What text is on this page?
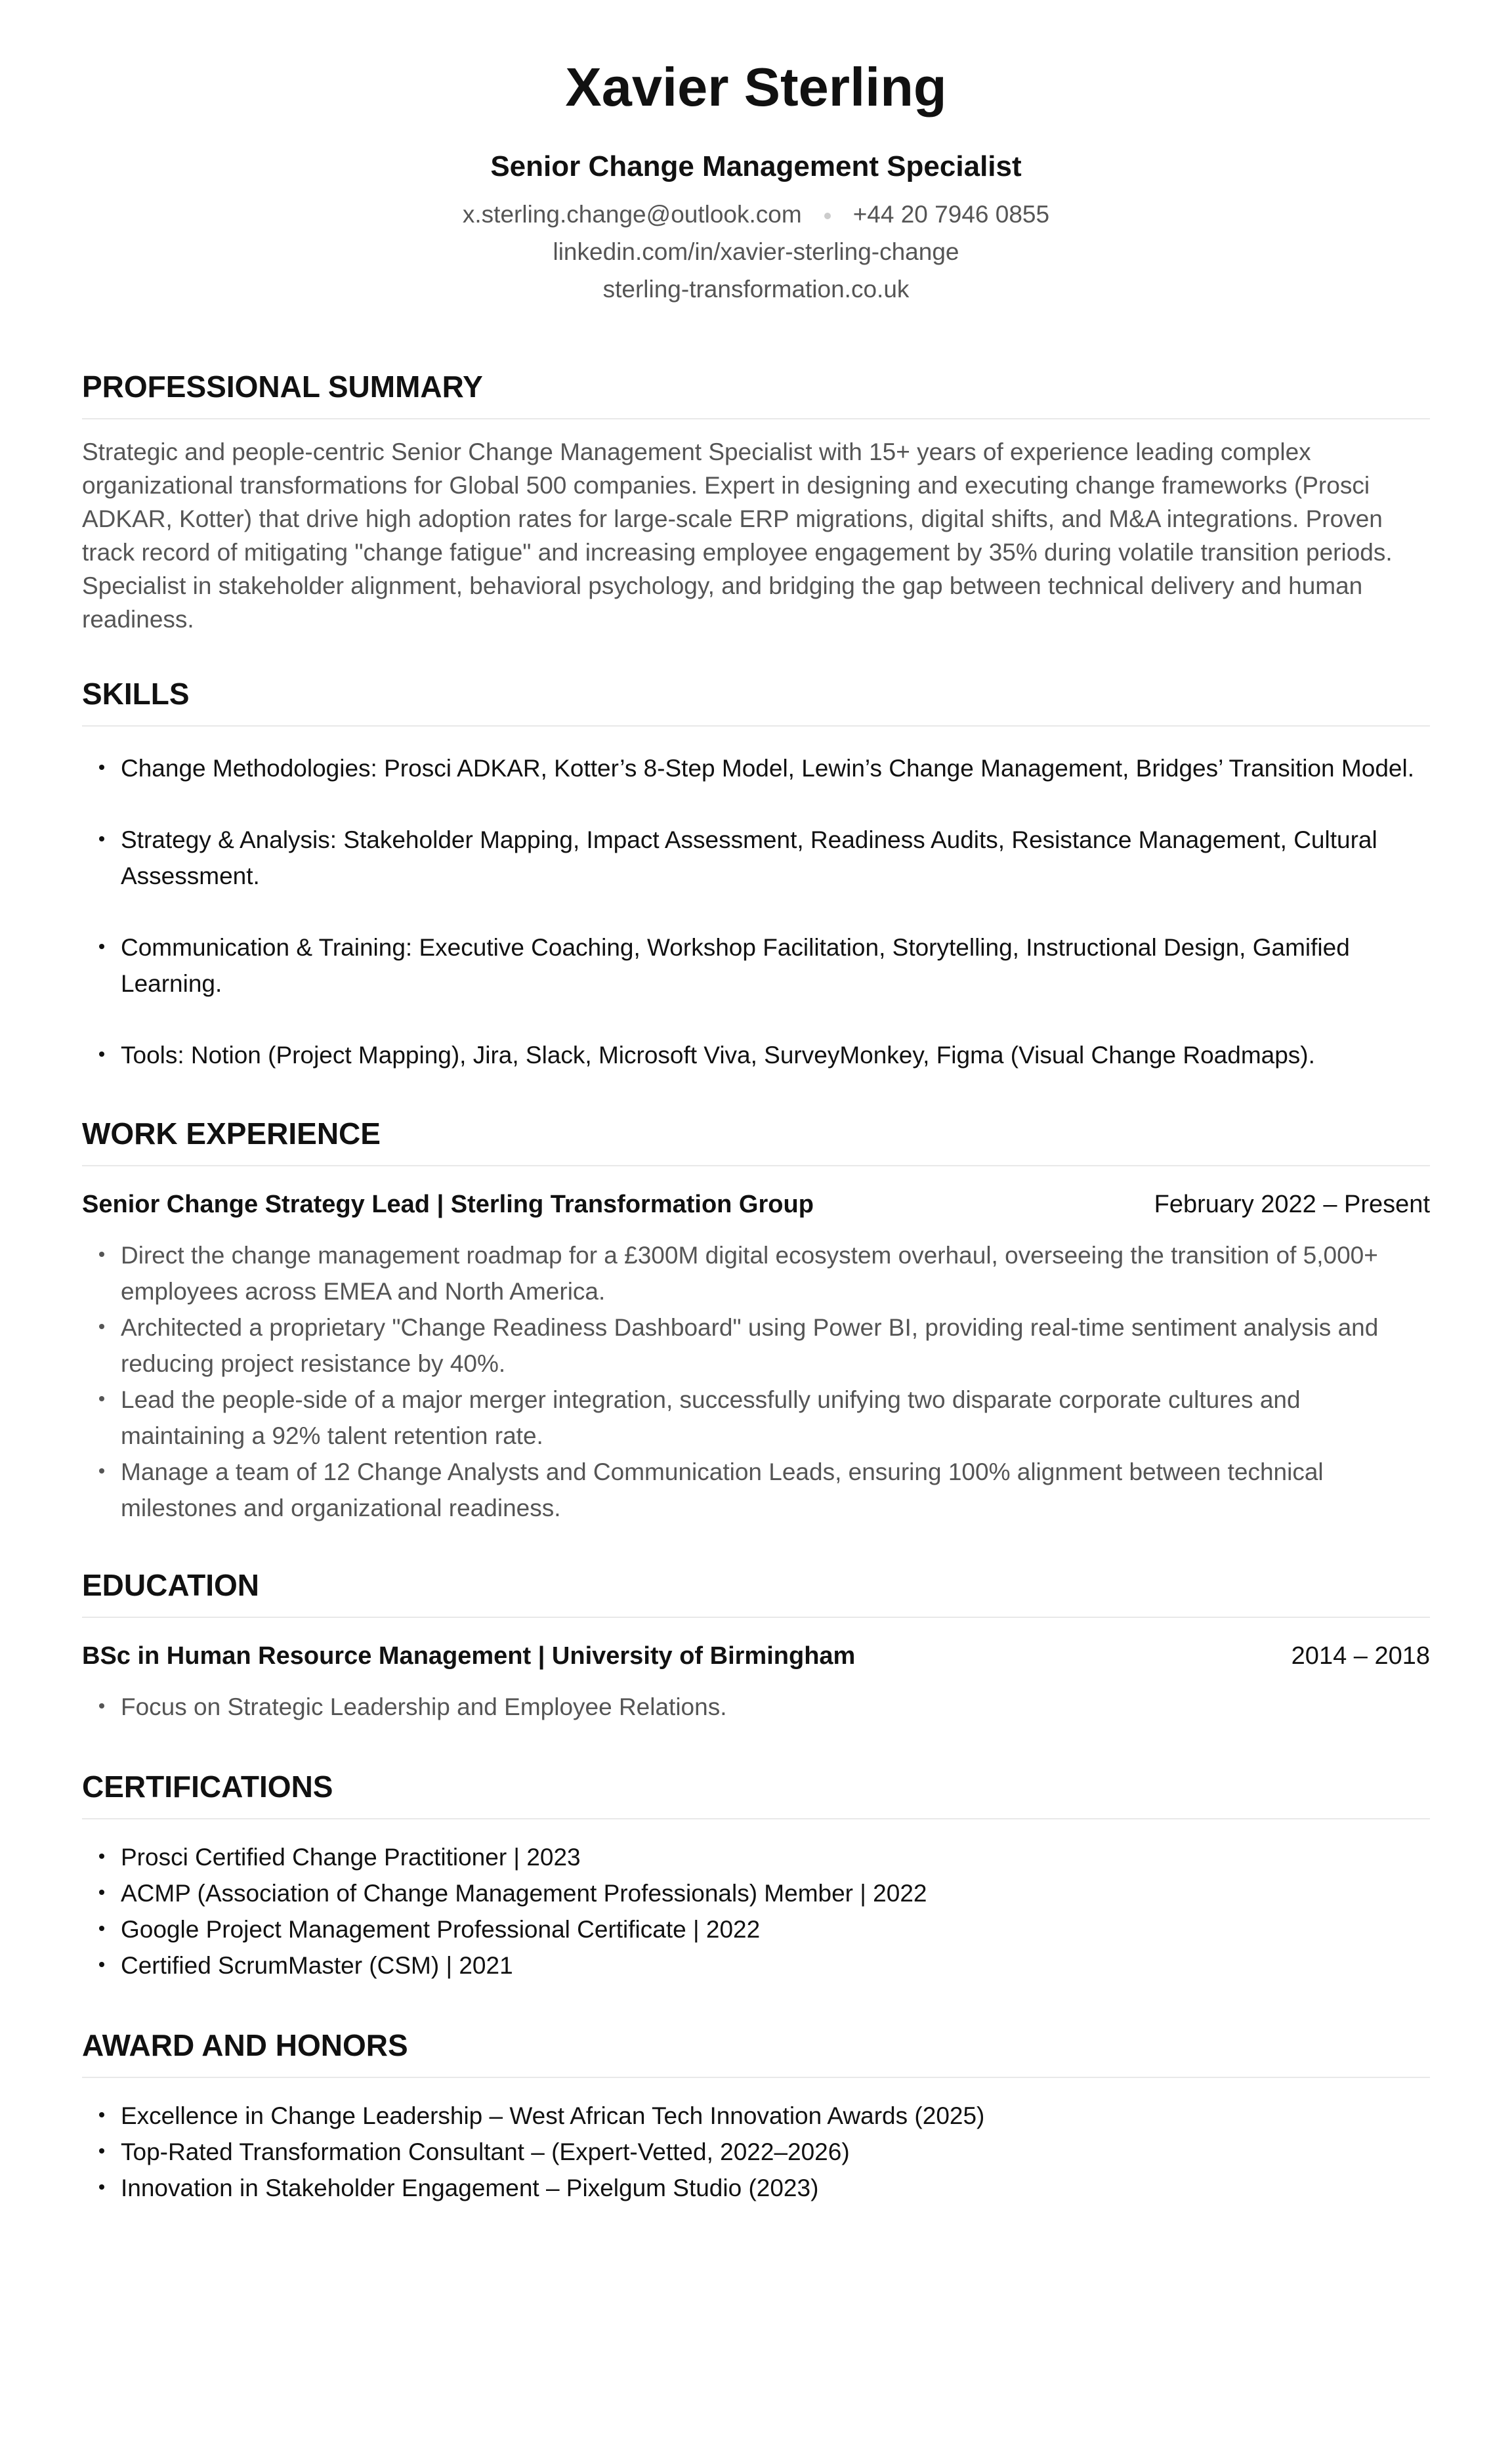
Xavier Sterling
Senior Change Management Specialist
x.sterling.change@outlook.com +44 20 7946 0855
linkedin.com/in/xavier-sterling-change
sterling-transformation.co.uk
PROFESSIONAL SUMMARY

Strategic and people-centric Senior Change Management Specialist with 15+ years of experience leading complex organizational transformations for Global 500 companies. Expert in designing and executing change frameworks (Prosci ADKAR, Kotter) that drive high adoption rates for large-scale ERP migrations, digital shifts, and M&A integrations. Proven track record of mitigating "change fatigue" and increasing employee engagement by 35% during volatile transition periods. Specialist in stakeholder alignment, behavioral psychology, and bridging the gap between technical delivery and human readiness.

SKILLS
Change Methodologies: Prosci ADKAR, Kotter’s 8-Step Model, Lewin’s Change Management, Bridges’ Transition Model.
Strategy & Analysis: Stakeholder Mapping, Impact Assessment, Readiness Audits, Resistance Management, Cultural Assessment.
Communication & Training: Executive Coaching, Workshop Facilitation, Storytelling, Instructional Design, Gamified Learning.
Tools: Notion (Project Mapping), Jira, Slack, Microsoft Viva, SurveyMonkey, Figma (Visual Change Roadmaps).
WORK EXPERIENCE
Senior Change Strategy Lead | Sterling Transformation Group	February 2022 – Present
Direct the change management roadmap for a £300M digital ecosystem overhaul, overseeing the transition of 5,000+ employees across EMEA and North America.
Architected a proprietary "Change Readiness Dashboard" using Power BI, providing real-time sentiment analysis and reducing project resistance by 40%.
Lead the people-side of a major merger integration, successfully unifying two disparate corporate cultures and maintaining a 92% talent retention rate.
Manage a team of 12 Change Analysts and Communication Leads, ensuring 100% alignment between technical milestones and organizational readiness.
EDUCATION
BSc in Human Resource Management | University of Birmingham	2014 – 2018
Focus on Strategic Leadership and Employee Relations.
CERTIFICATIONS
Prosci Certified Change Practitioner | 2023
ACMP (Association of Change Management Professionals) Member | 2022
Google Project Management Professional Certificate | 2022
Certified ScrumMaster (CSM) | 2021
AWARD AND HONORS
Excellence in Change Leadership – West African Tech Innovation Awards (2025)
Top-Rated Transformation Consultant – (Expert-Vetted, 2022–2026)
Innovation in Stakeholder Engagement – Pixelgum Studio (2023)
